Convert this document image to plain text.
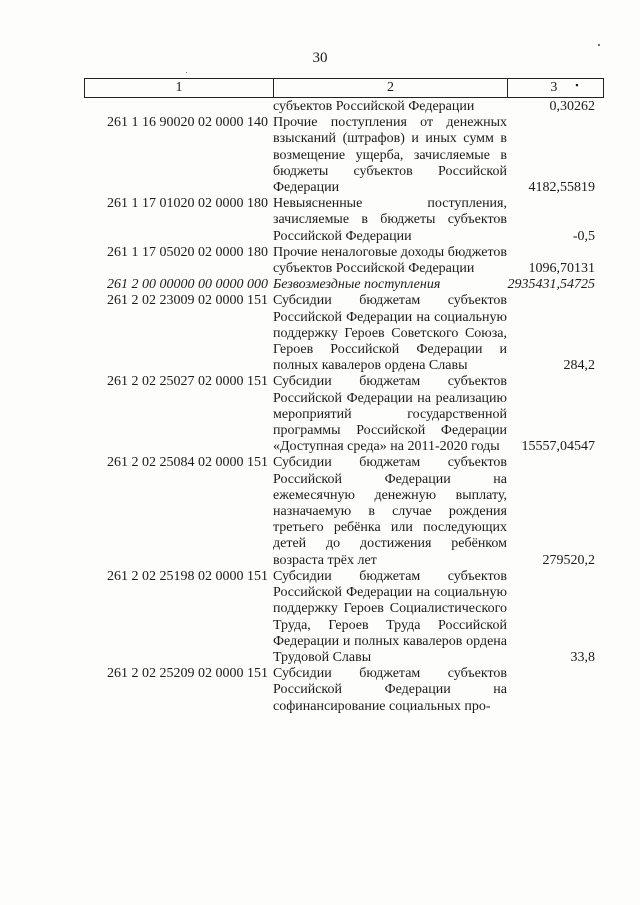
30
1	2	3 ▪
	субъектов Российской Федерации	0,30262
261 1 16 90020 02 0000 140	Прочие поступления от денежных взысканий (штрафов) и иных сумм в возмещение ущерба, зачисляемые в бюджеты субъектов Российской Федерации	4182,55819
261 1 17 01020 02 0000 180	Невыясненные поступления, зачисляемые в бюджеты субъектов Российской Федерации	-0,5
261 1 17 05020 02 0000 180	Прочие неналоговые доходы бюджетов субъектов Российской Федерации	1096,70131
261 2 00 00000 00 0000 000	Безвозмездные поступления	2935431,54725
261 2 02 23009 02 0000 151	Субсидии бюджетам субъектов Российской Федерации на социальную поддержку Героев Советского Союза, Героев Российской Федерации и полных кавалеров ордена Славы	284,2
261 2 02 25027 02 0000 151	Субсидии бюджетам субъектов Российской Федерации на реализацию мероприятий государственной программы Российской Федерации «Доступная среда» на 2011-2020 годы	15557,04547
261 2 02 25084 02 0000 151	Субсидии бюджетам субъектов Российской Федерации на ежемесячную денежную выплату, назначаемую в случае рождения третьего ребёнка или последующих детей до достижения ребёнком возраста трёх лет	279520,2
261 2 02 25198 02 0000 151	Субсидии бюджетам субъектов Российской Федерации на социальную поддержку Героев Социалистического Труда, Героев Труда Российской Федерации и полных кавалеров ордена Трудовой Славы	33,8
261 2 02 25209 02 0000 151	Субсидии бюджетам субъектов Российской Федерации на софинансирование социальных про-	
